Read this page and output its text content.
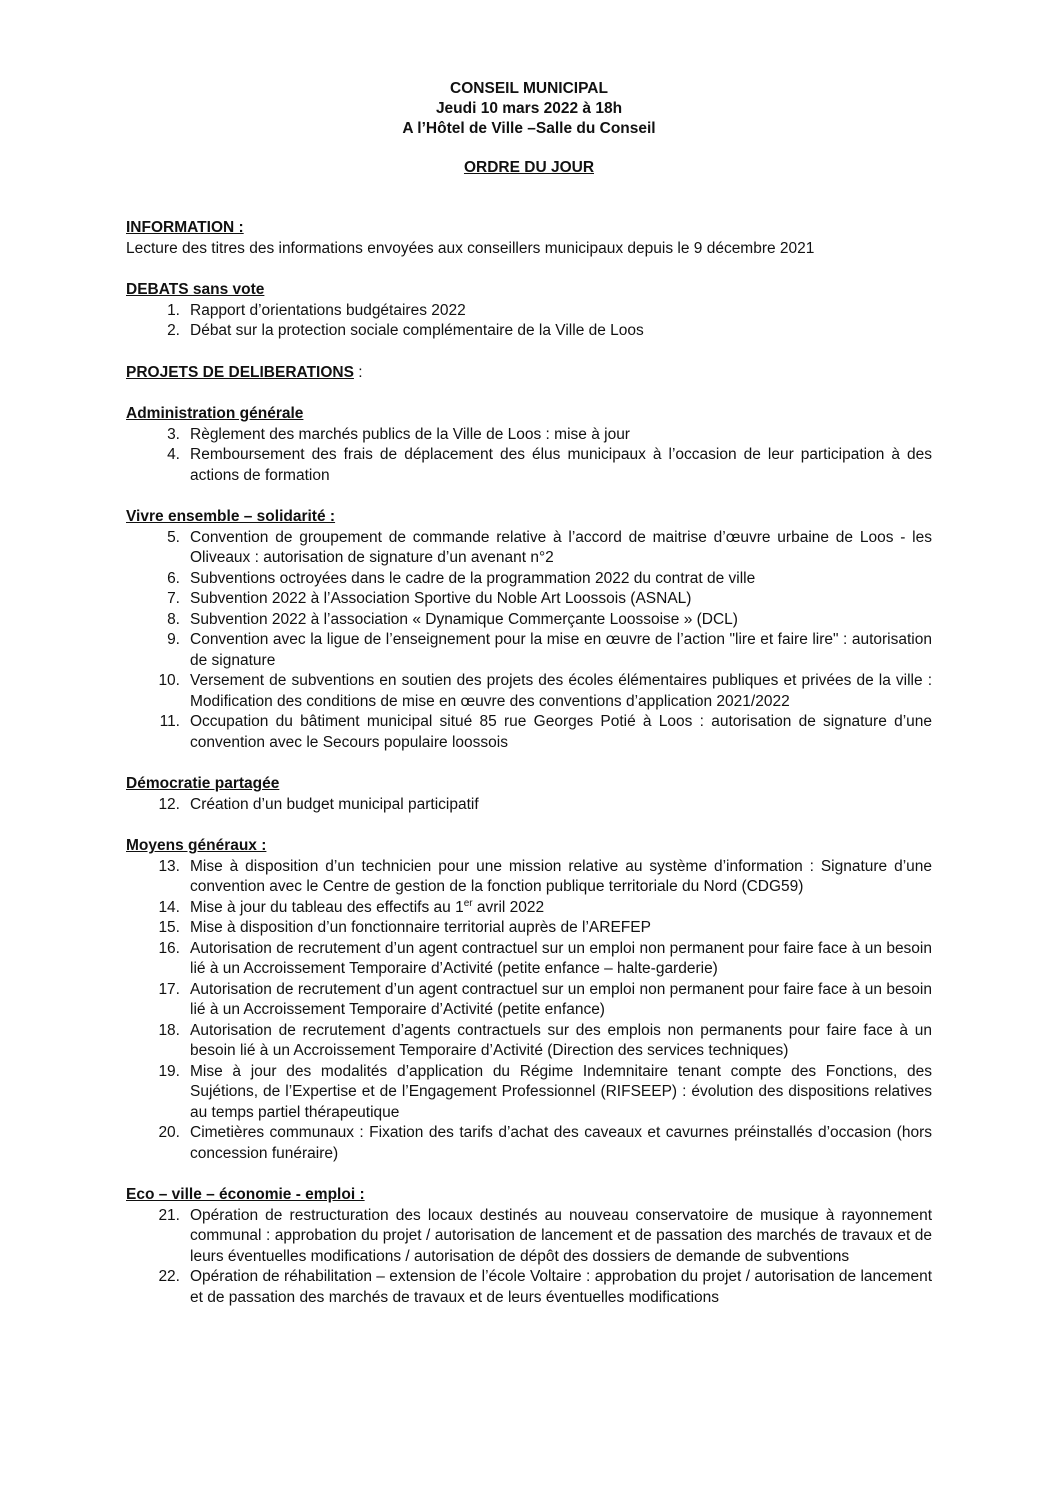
CONSEIL MUNICIPAL
Jeudi 10 mars 2022 à 18h
A l’Hôtel de Ville –Salle du Conseil
ORDRE DU JOUR
INFORMATION :

Lecture des titres des informations envoyées aux conseillers municipaux depuis le 9 décembre 2021

DEBATS sans vote
1. Rapport d’orientations budgétaires 2022
2. Débat sur la protection sociale complémentaire de la Ville de Loos
PROJETS DE DELIBERATIONS :
Administration générale
3. Règlement des marchés publics de la Ville de Loos : mise à jour
4. Remboursement des frais de déplacement des élus municipaux à l’occasion de leur participation à des actions de formation
Vivre ensemble – solidarité :
5. Convention de groupement de commande relative à l’accord de maitrise d’œuvre urbaine de Loos - les Oliveaux : autorisation de signature d’un avenant n°2
6. Subventions octroyées dans le cadre de la programmation 2022 du contrat de ville
7. Subvention 2022 à l’Association Sportive du Noble Art Loossois (ASNAL)
8. Subvention 2022 à l’association « Dynamique Commerçante Loossoise » (DCL)
9. Convention avec la ligue de l’enseignement pour la mise en œuvre de l’action "lire et faire lire" : autorisation de signature
10. Versement de subventions en soutien des projets des écoles élémentaires publiques et privées de la ville : Modification des conditions de mise en œuvre des conventions d’application 2021/2022
11. Occupation du bâtiment municipal situé 85 rue Georges Potié à Loos : autorisation de signature d’une convention avec le Secours populaire loossois
Démocratie partagée
12. Création d’un budget municipal participatif
Moyens généraux :
13. Mise à disposition d’un technicien pour une mission relative au système d’information : Signature d’une convention avec le Centre de gestion de la fonction publique territoriale du Nord (CDG59)
14. Mise à jour du tableau des effectifs au 1er avril 2022
15. Mise à disposition d’un fonctionnaire territorial auprès de l’AREFEP
16. Autorisation de recrutement d’un agent contractuel sur un emploi non permanent pour faire face à un besoin lié à un Accroissement Temporaire d’Activité (petite enfance – halte-garderie)
17. Autorisation de recrutement d’un agent contractuel sur un emploi non permanent pour faire face à un besoin lié à un Accroissement Temporaire d’Activité (petite enfance)
18. Autorisation de recrutement d’agents contractuels sur des emplois non permanents pour faire face à un besoin lié à un Accroissement Temporaire d’Activité (Direction des services techniques)
19. Mise à jour des modalités d’application du Régime Indemnitaire tenant compte des Fonctions, des Sujétions, de l’Expertise et de l’Engagement Professionnel (RIFSEEP) : évolution des dispositions relatives au temps partiel thérapeutique
20. Cimetières communaux : Fixation des tarifs d’achat des caveaux et cavurnes préinstallés d’occasion (hors concession funéraire)
Eco – ville – économie - emploi :
21. Opération de restructuration des locaux destinés au nouveau conservatoire de musique à rayonnement communal : approbation du projet / autorisation de lancement et de passation des marchés de travaux et de leurs éventuelles modifications / autorisation de dépôt des dossiers de demande de subventions
22. Opération de réhabilitation – extension de l’école Voltaire : approbation du projet / autorisation de lancement et de passation des marchés de travaux et de leurs éventuelles modifications
